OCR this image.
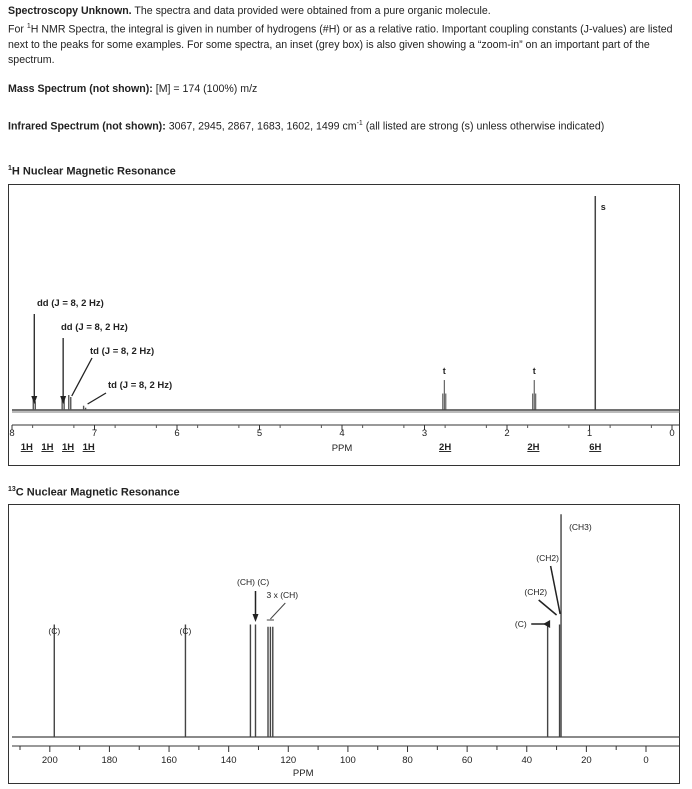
Spectroscopy Unknown. The spectra and data provided were obtained from a pure organic molecule.

For $^1$H NMR Spectra, the integral is given in number of hydrogens (#H) or as a relative ratio. Important coupling constants (J-values) are listed next to the peaks for some examples. For some spectra, an inset (grey box) is also given showing a “zoom-in” on an important part of the spectrum.

Mass Spectrum (not shown): [M] = 174 (100%) m/z
Infrared Spectrum (not shown): 3067, 2945, 2867, 1683, 1602, 1499 $cm^{-1}$ (all listed are strong (s) unless otherwise indicated)
$^1$H Nuclear Magnetic Resonance
$^{13}$C Nuclear Magnetic Resonance
8	7	6	5	4	3	2	1	0
PPM
t	t
s
dd (J = 8, 2 Hz)
dd (J = 8, 2 Hz)
td (J = 8, 2 Hz)
td (J = 8, 2 Hz)
1H 1H 1H 1H	2H	2H	6H
200	180	160	140	120	100	80	60	40	20	0
PPM
(C)	(C)
(CH) (C)
3 x (CH)
(C)
(CH2)
(CH2)
(CH3)
